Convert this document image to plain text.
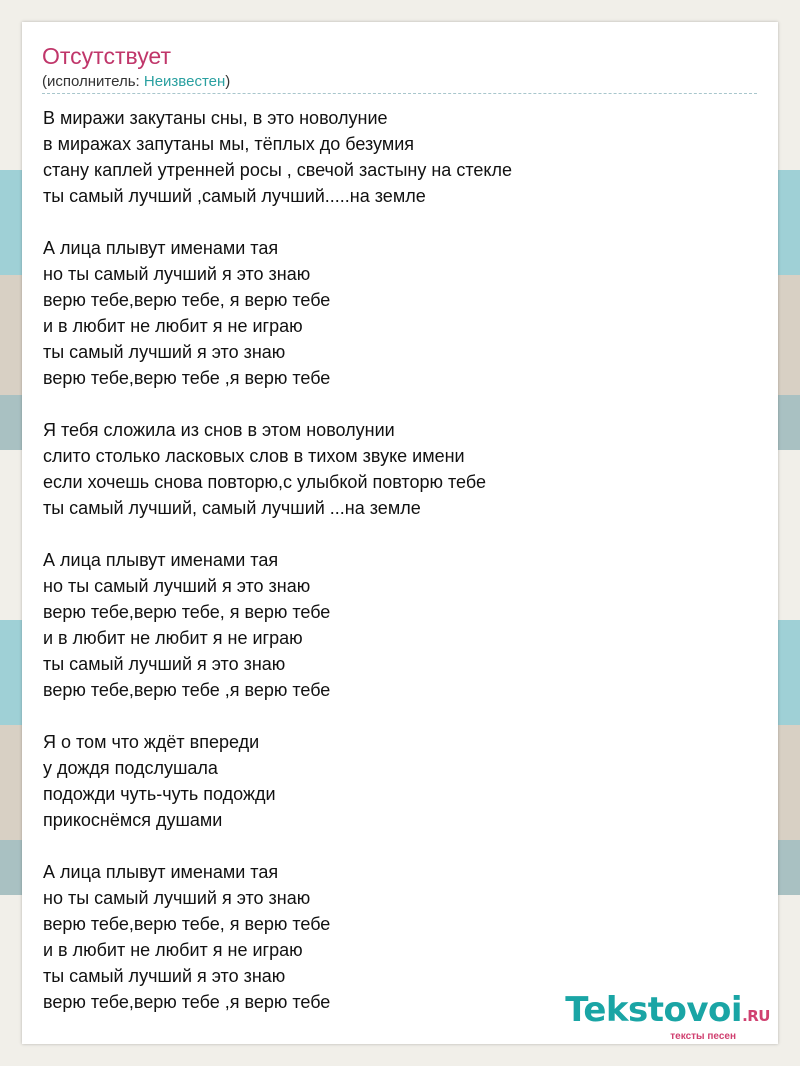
Отсутствует
(исполнитель: Неизвестен)
В миражи закутаны сны, в это новолуние
в миражах запутаны мы, тёплых до безумия
стану каплей утренней росы , свечой застыну на стекле
ты самый лучший ,самый лучший.....на земле
А лица плывут именами тая
но ты самый лучший я это знаю
верю тебе,верю тебе, я верю тебе
и в любит не любит я не играю
ты самый лучший я это знаю
верю тебе,верю тебе ,я верю тебе
Я тебя сложила из снов в этом новолунии
слито столько ласковых слов в тихом звуке имени
если хочешь снова повторю,с улыбкой повторю тебе
ты самый лучший, самый лучший ...на земле
А лица плывут именами тая
но ты самый лучший я это знаю
верю тебе,верю тебе, я верю тебе
и в любит не любит я не играю
ты самый лучший я это знаю
верю тебе,верю тебе ,я верю тебе
Я о том что ждёт впереди
у дождя подслушала
подожди чуть-чуть подожди
прикоснёмся душами
А лица плывут именами тая
но ты самый лучший я это знаю
верю тебе,верю тебе, я верю тебе
и в любит не любит я не играю
ты самый лучший я это знаю
верю тебе,верю тебе ,я верю тебе	Tekstovoi.RU
тексты песен
